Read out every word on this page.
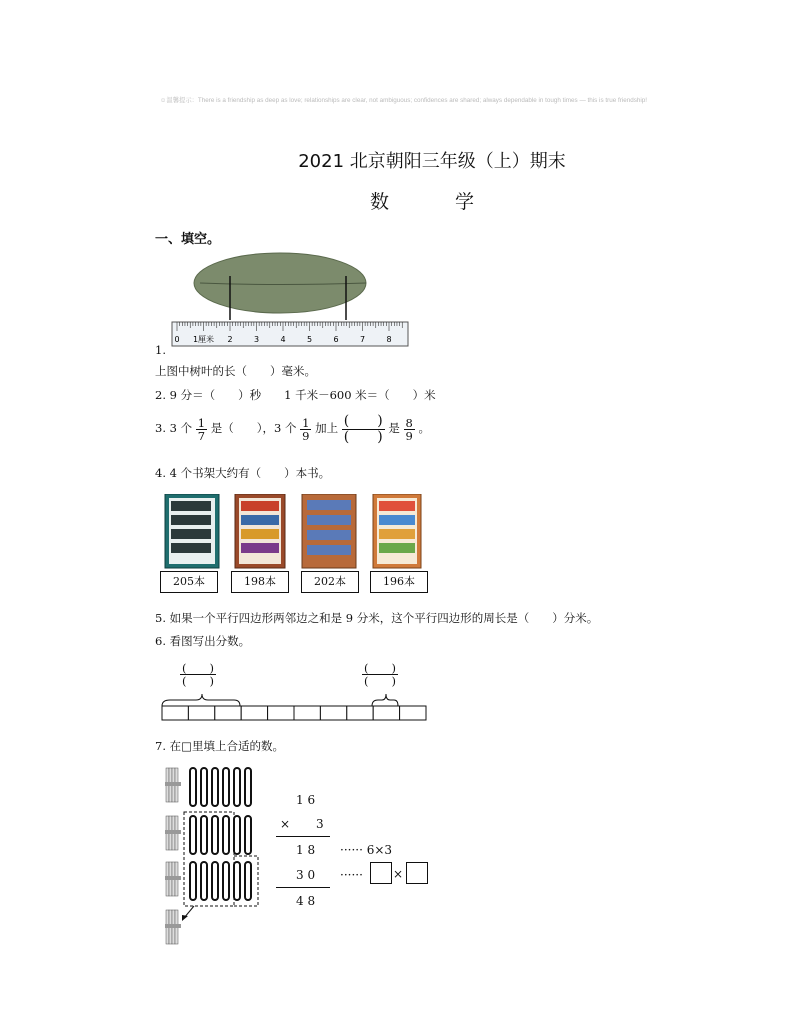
☺温馨提示：There is a friendship as deep as love; relationships are clear, not ambiguous; confidences are shared; always dependable in tough times — this is true friendship!
2021 北京朝阳三年级（上）期末
数 学
一、填空。
0 1厘米 2	3	4	5	6	7	8
1.
上图中树叶的长（　　）毫米。
2. 9 分＝（　　）秒　　1 千米－600 米＝（　　）米
3. 3 个 $\frac{1}{7}$ 是（　　），3 个 $\frac{1}{9}$ 加上 $\frac{( )}{( )}$ 是 $\frac{8}{9}$ 。
4. 4 个书架大约有（　　）本书。
205本	198本	202本	196本
5. 如果一个平行四边形两邻边之和是 9 分米，这个平行四边形的周长是（　　）分米。
6. 看图写出分数。
$\frac{( )}{( )}$	$\frac{( )}{( )}$
7. 在□里填上合适的数。
1 6
× 3
1 8 ······ 6×3
3 0 ······	×
4 8
